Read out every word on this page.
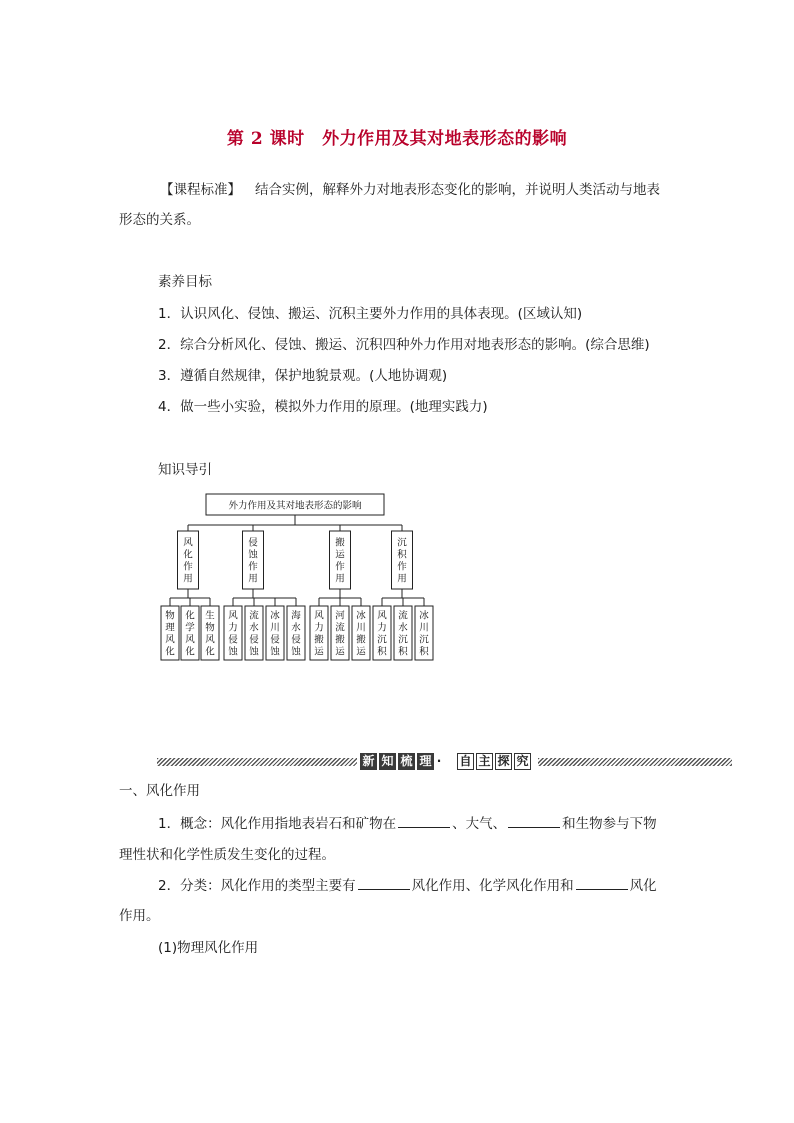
第 2 课时　外力作用及其对地表形态的影响
【课程标准】 结合实例，解释外力对地表形态变化的影响，并说明人类活动与地表
形态的关系。
素养目标
1．认识风化、侵蚀、搬运、沉积主要外力作用的具体表现。(区域认知)
2．综合分析风化、侵蚀、搬运、沉积四种外力作用对地表形态的影响。(综合思维)
3．遵循自然规律，保护地貌景观。(人地协调观)
4．做一些小实验，模拟外力作用的原理。(地理实践力)
知识导引
外力作用及其对地表形态的影响
风
化
作
用
物
理
风
化
化
学
风
化
生
物
风
化
侵
蚀
作
用
风
力
侵
蚀
流
水
侵
蚀
冰
川
侵
蚀
海
水
侵
蚀
搬
运
作
用
风
力
搬
运
河
流
搬
运
冰
川
搬
运
沉
积
作
用
风
力
沉
积
流
水
沉
积
冰
川
沉
积
新 知 梳 理 · 自 主 探 究
一、风化作用
1．概念：风化作用指地表岩石和矿物在	、大气、	和生物参与下物
理性状和化学性质发生变化的过程。
2．分类：风化作用的类型主要有	风化作用、化学风化作用和	风化
作用。
(1)物理风化作用
